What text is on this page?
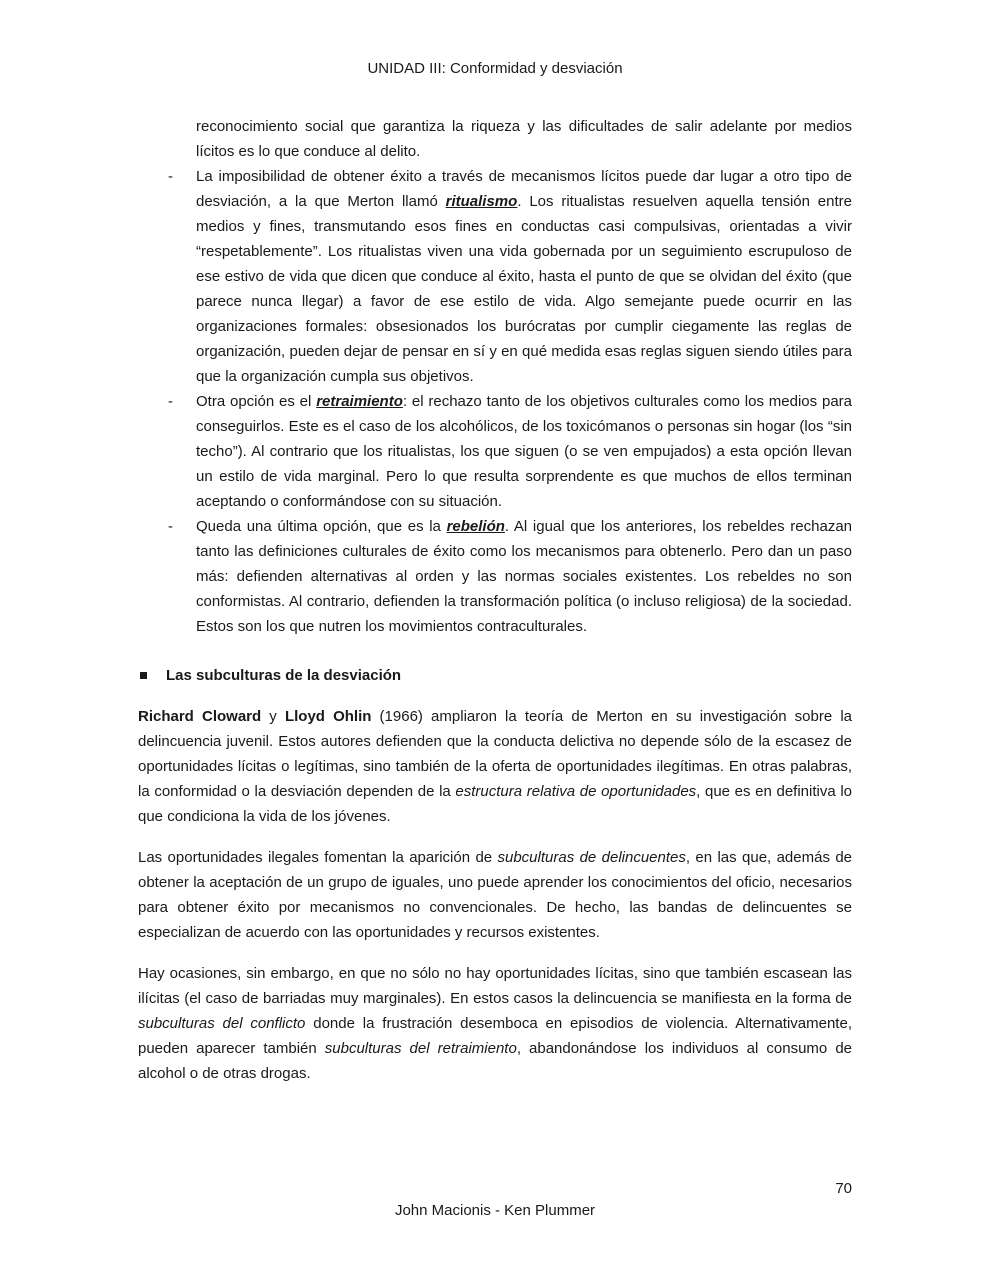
UNIDAD III: Conformidad y desviación

reconocimiento social que garantiza la riqueza y las dificultades de salir adelante por medios lícitos es lo que conduce al delito.

- La imposibilidad de obtener éxito a través de mecanismos lícitos puede dar lugar a otro tipo de desviación, a la que Merton llamó ritualismo. Los ritualistas resuelven aquella tensión entre medios y fines, transmutando esos fines en conductas casi compulsivas, orientadas a vivir “respetablemente”. Los ritualistas viven una vida gobernada por un seguimiento escrupuloso de ese estivo de vida que dicen que conduce al éxito, hasta el punto de que se olvidan del éxito (que parece nunca llegar) a favor de ese estilo de vida. Algo semejante puede ocurrir en las organizaciones formales: obsesionados los burócratas por cumplir ciegamente las reglas de organización, pueden dejar de pensar en sí y en qué medida esas reglas siguen siendo útiles para que la organización cumpla sus objetivos.

- Otra opción es el retraimiento: el rechazo tanto de los objetivos culturales como los medios para conseguirlos. Este es el caso de los alcohólicos, de los toxicómanos o personas sin hogar (los “sin techo”). Al contrario que los ritualistas, los que siguen (o se ven empujados) a esta opción llevan un estilo de vida marginal. Pero lo que resulta sorprendente es que muchos de ellos terminan aceptando o conformándose con su situación.

- Queda una última opción, que es la rebelión. Al igual que los anteriores, los rebeldes rechazan tanto las definiciones culturales de éxito como los mecanismos para obtenerlo. Pero dan un paso más: defienden alternativas al orden y las normas sociales existentes. Los rebeldes no son conformistas. Al contrario, defienden la transformación política (o incluso religiosa) de la sociedad. Estos son los que nutren los movimientos contraculturales.

Las subculturas de la desviación

Richard Cloward y Lloyd Ohlin (1966) ampliaron la teoría de Merton en su investigación sobre la delincuencia juvenil. Estos autores defienden que la conducta delictiva no depende sólo de la escasez de oportunidades lícitas o legítimas, sino también de la oferta de oportunidades ilegítimas. En otras palabras, la conformidad o la desviación dependen de la estructura relativa de oportunidades, que es en definitiva lo que condiciona la vida de los jóvenes.

Las oportunidades ilegales fomentan la aparición de subculturas de delincuentes, en las que, además de obtener la aceptación de un grupo de iguales, uno puede aprender los conocimientos del oficio, necesarios para obtener éxito por mecanismos no convencionales. De hecho, las bandas de delincuentes se especializan de acuerdo con las oportunidades y recursos existentes.

Hay ocasiones, sin embargo, en que no sólo no hay oportunidades lícitas, sino que también escasean las ilícitas (el caso de barriadas muy marginales). En estos casos la delincuencia se manifiesta en la forma de subculturas del conflicto donde la frustración desemboca en episodios de violencia. Alternativamente, pueden aparecer también subculturas del retraimiento, abandonándose los individuos al consumo de alcohol o de otras drogas.

70
John Macionis - Ken Plummer
